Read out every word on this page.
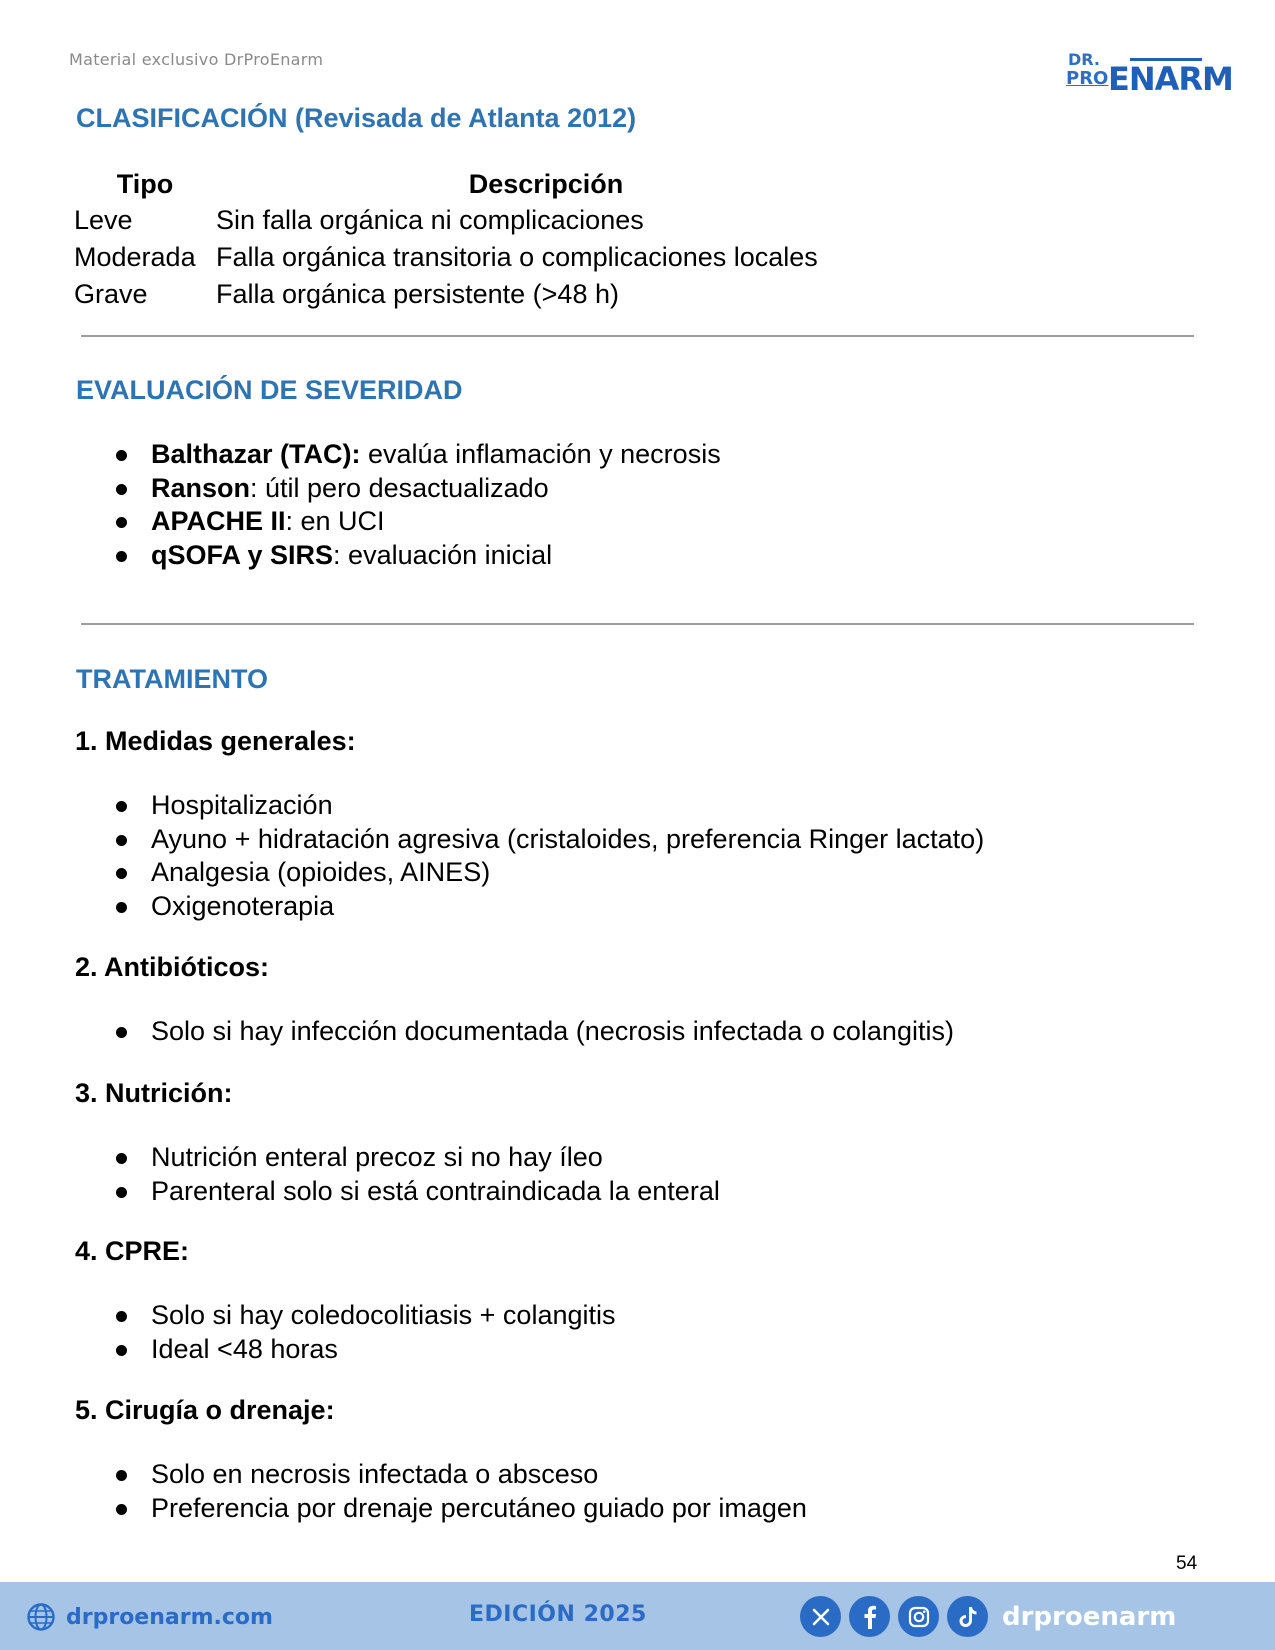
Material exclusivo DrProEnarm	DR.
PRO ENARM
CLASIFICACIÓN (Revisada de Atlanta 2012)
Tipo	Descripción
Leve	Sin falla orgánica ni complicaciones
Moderada	Falla orgánica transitoria o complicaciones locales
Grave	Falla orgánica persistente (>48 h)
EVALUACIÓN DE SEVERIDAD
Balthazar (TAC): evalúa inflamación y necrosis
Ranson: útil pero desactualizado
APACHE II: en UCI
qSOFA y SIRS: evaluación inicial
TRATAMIENTO

1. Medidas generales:

Hospitalización
Ayuno + hidratación agresiva (cristaloides, preferencia Ringer lactato)
Analgesia (opioides, AINES)
Oxigenoterapia

2. Antibióticos:

Solo si hay infección documentada (necrosis infectada o colangitis)

3. Nutrición:

Nutrición enteral precoz si no hay íleo
Parenteral solo si está contraindicada la enteral

4. CPRE:

Solo si hay coledocolitiasis + colangitis
Ideal <48 horas

5. Cirugía o drenaje:

Solo en necrosis infectada o absceso
Preferencia por drenaje percutáneo guiado por imagen
54
drproenarm.com	EDICIÓN 2025	drproenarm
